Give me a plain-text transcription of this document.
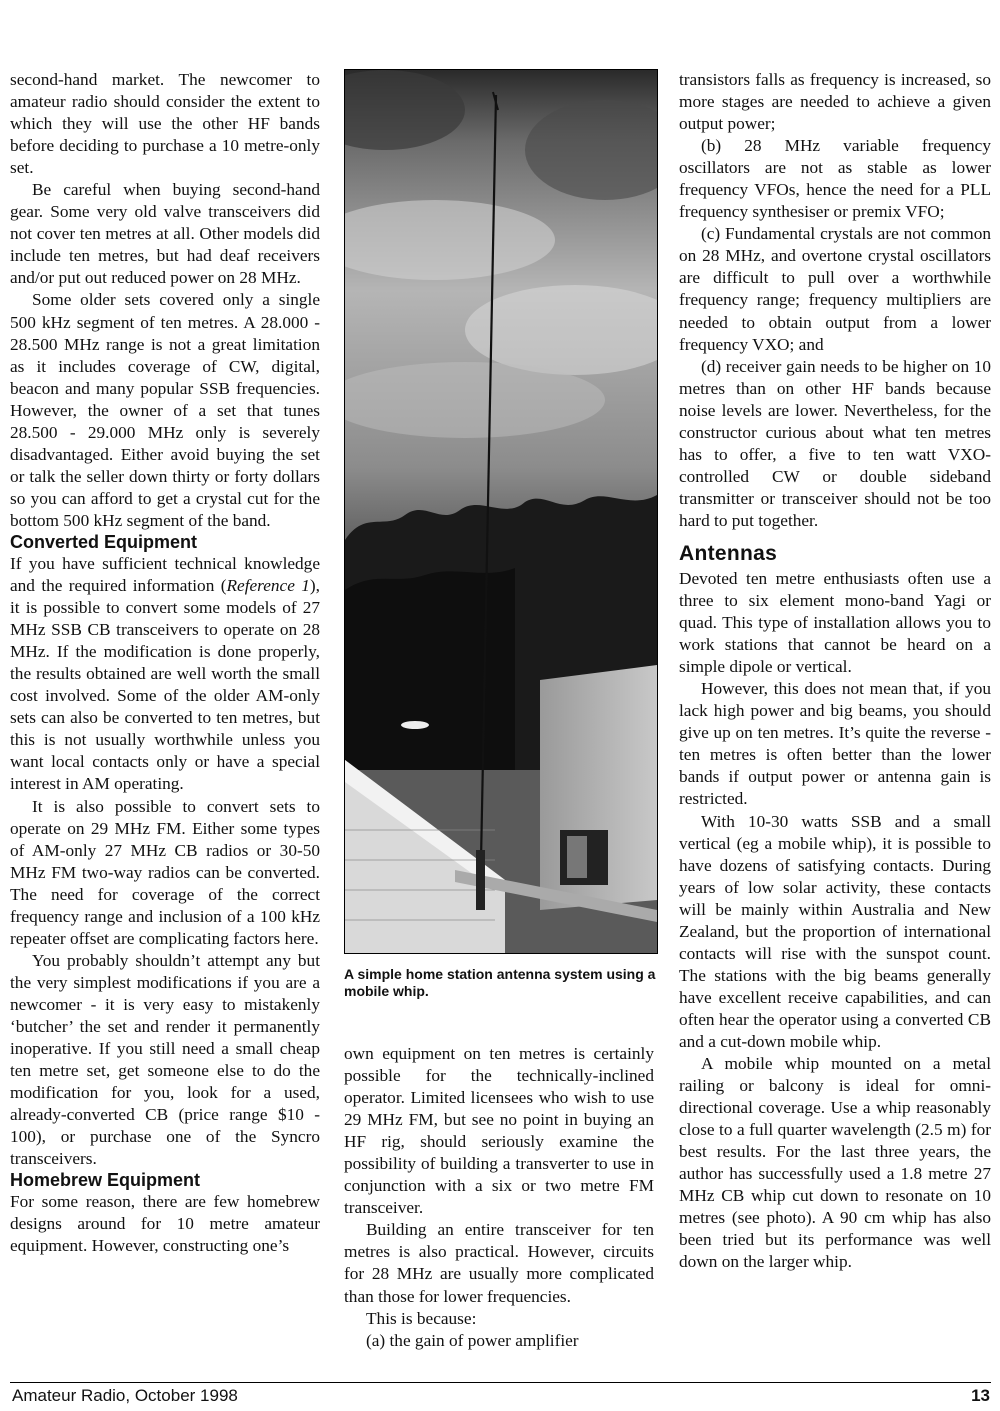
second-hand market. The newcomer to amateur radio should consider the extent to which they will use the other HF bands before deciding to purchase a 10 metre-only set.

Be careful when buying second-hand gear. Some very old valve transceivers did not cover ten metres at all. Other models did include ten metres, but had deaf receivers and/or put out reduced power on 28 MHz.

Some older sets covered only a single 500 kHz segment of ten metres. A 28.000 - 28.500 MHz range is not a great limitation as it includes coverage of CW, digital, beacon and many popular SSB frequencies. However, the owner of a set that tunes 28.500 - 29.000 MHz only is severely disadvantaged. Either avoid buying the set or talk the seller down thirty or forty dollars so you can afford to get a crystal cut for the bottom 500 kHz segment of the band.

Converted Equipment

If you have sufficient technical knowledge and the required information (Reference 1), it is possible to convert some models of 27 MHz SSB CB transceivers to operate on 28 MHz. If the modification is done properly, the results obtained are well worth the small cost involved. Some of the older AM-only sets can also be converted to ten metres, but this is not usually worthwhile unless you want local contacts only or have a special interest in AM operating.

It is also possible to convert sets to operate on 29 MHz FM. Either some types of AM-only 27 MHz CB radios or 30-50 MHz FM two-way radios can be converted. The need for coverage of the correct frequency range and inclusion of a 100 kHz repeater offset are complicating factors here.

You probably shouldn’t attempt any but the very simplest modifications if you are a newcomer - it is very easy to mistakenly ‘butcher’ the set and render it permanently inoperative. If you still need a small cheap ten metre set, get someone else to do the modification for you, look for a used, already-converted CB (price range $10 - 100), or purchase one of the Syncro transceivers.

Homebrew Equipment

For some reason, there are few homebrew designs around for 10 metre amateur equipment. However, constructing one’s

A simple home station antenna system using a mobile whip.

own equipment on ten metres is certainly possible for the technically-inclined operator. Limited licensees who wish to use 29 MHz FM, but see no point in buying an HF rig, should seriously examine the possibility of building a transverter to use in conjunction with a six or two metre FM transceiver.

Building an entire transceiver for ten metres is also practical. However, circuits for 28 MHz are usually more complicated than those for lower frequencies.

This is because:

(a) the gain of power amplifier

transistors falls as frequency is increased, so more stages are needed to achieve a given output power;

(b) 28 MHz variable frequency oscillators are not as stable as lower frequency VFOs, hence the need for a PLL frequency synthesiser or premix VFO;

(c) Fundamental crystals are not common on 28 MHz, and overtone crystal oscillators are difficult to pull over a worthwhile frequency range; frequency multipliers are needed to obtain output from a lower frequency VXO; and

(d) receiver gain needs to be higher on 10 metres than on other HF bands because noise levels are lower. Nevertheless, for the constructor curious about what ten metres has to offer, a five to ten watt VXO-controlled CW or double sideband transmitter or transceiver should not be too hard to put together.

Antennas

Devoted ten metre enthusiasts often use a three to six element mono-band Yagi or quad. This type of installation allows you to work stations that cannot be heard on a simple dipole or vertical.

However, this does not mean that, if you lack high power and big beams, you should give up on ten metres. It’s quite the reverse - ten metres is often better than the lower bands if output power or antenna gain is restricted.

With 10-30 watts SSB and a small vertical (eg a mobile whip), it is possible to have dozens of satisfying contacts. During years of low solar activity, these contacts will be mainly within Australia and New Zealand, but the proportion of international contacts will rise with the sunspot count. The stations with the big beams generally have excellent receive capabilities, and can often hear the operator using a converted CB and a cut-down mobile whip.

A mobile whip mounted on a metal railing or balcony is ideal for omni-directional coverage. Use a whip reasonably close to a full quarter wavelength (2.5 m) for best results. For the last three years, the author has successfully used a 1.8 metre 27 MHz CB whip cut down to resonate on 10 metres (see photo). A 90 cm whip has also been tried but its performance was well down on the larger whip.

Amateur Radio, October 1998	13
